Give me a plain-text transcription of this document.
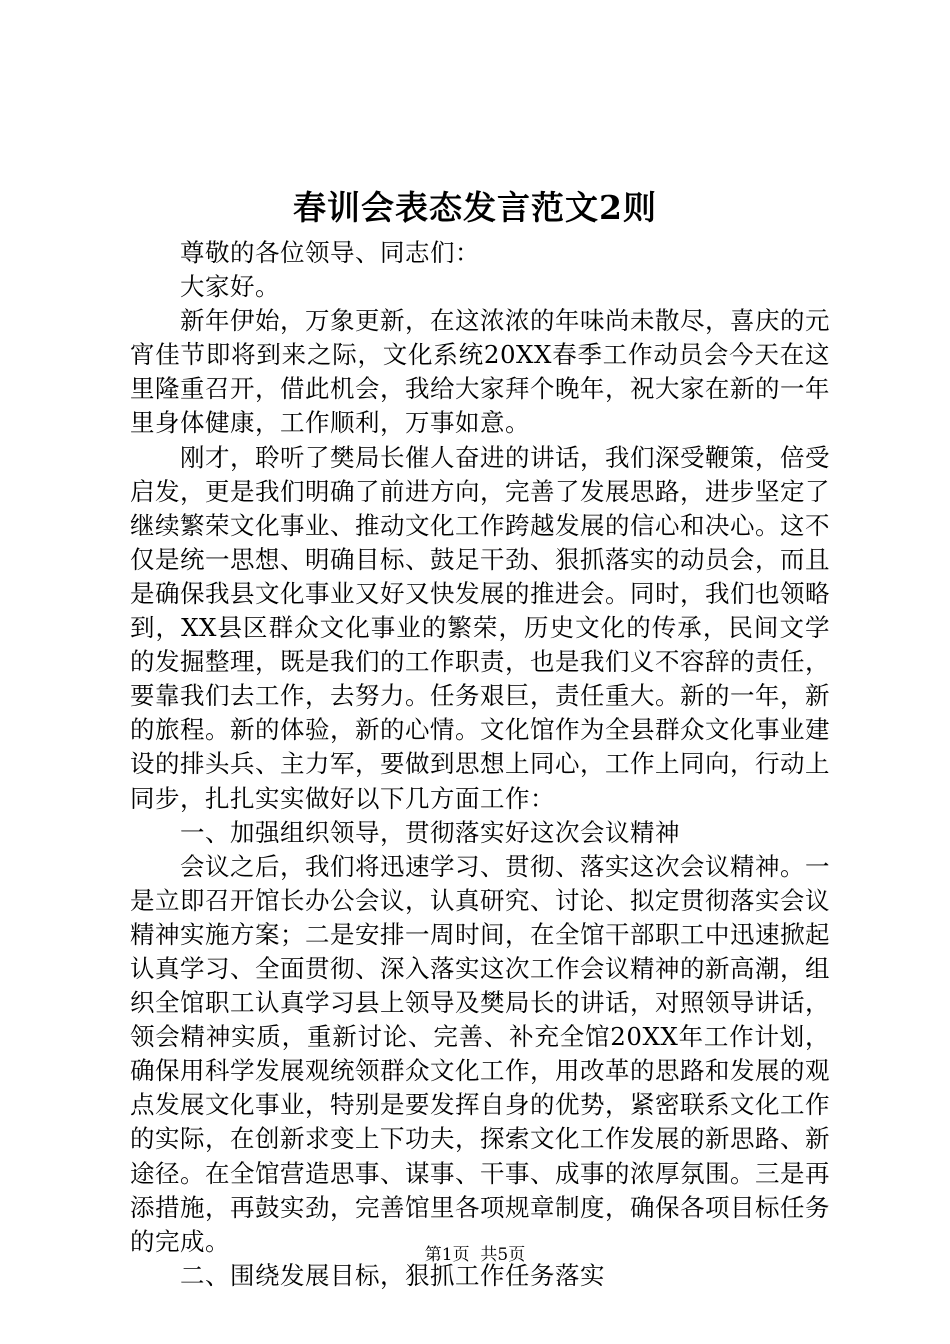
春训会表态发言范文2则

尊敬的各位领导、同志们：

大家好。

新年伊始，万象更新，在这浓浓的年味尚未散尽，喜庆的元宵佳节即将到来之际，文化系统20XX春季工作动员会今天在这里隆重召开，借此机会，我给大家拜个晚年，祝大家在新的一年里身体健康，工作顺利，万事如意。

刚才，聆听了樊局长催人奋进的讲话，我们深受鞭策，倍受启发，更是我们明确了前进方向，完善了发展思路，进步坚定了继续繁荣文化事业、推动文化工作跨越发展的信心和决心。这不仅是统一思想、明确目标、鼓足干劲、狠抓落实的动员会，而且是确保我县文化事业又好又快发展的推进会。同时，我们也领略到，XX县区群众文化事业的繁荣，历史文化的传承，民间文学的发掘整理，既是我们的工作职责，也是我们义不容辞的责任，要靠我们去工作，去努力。任务艰巨，责任重大。新的一年，新的旅程。新的体验，新的心情。文化馆作为全县群众文化事业建设的排头兵、主力军，要做到思想上同心，工作上同向，行动上同步，扎扎实实做好以下几方面工作：

一、加强组织领导，贯彻落实好这次会议精神

会议之后，我们将迅速学习、贯彻、落实这次会议精神。一是立即召开馆长办公会议，认真研究、讨论、拟定贯彻落实会议精神实施方案；二是安排一周时间，在全馆干部职工中迅速掀起认真学习、全面贯彻、深入落实这次工作会议精神的新高潮，组织全馆职工认真学习县上领导及樊局长的讲话，对照领导讲话，领会精神实质，重新讨论、完善、补充全馆20XX年工作计划，确保用科学发展观统领群众文化工作，用改革的思路和发展的观点发展文化事业，特别是要发挥自身的优势，紧密联系文化工作的实际，在创新求变上下功夫，探索文化工作发展的新思路、新途径。在全馆营造思事、谋事、干事、成事的浓厚氛围。三是再添措施，再鼓实劲，完善馆里各项规章制度，确保各项目标任务的完成。

二、围绕发展目标，狠抓工作任务落实

第1页 共5页
